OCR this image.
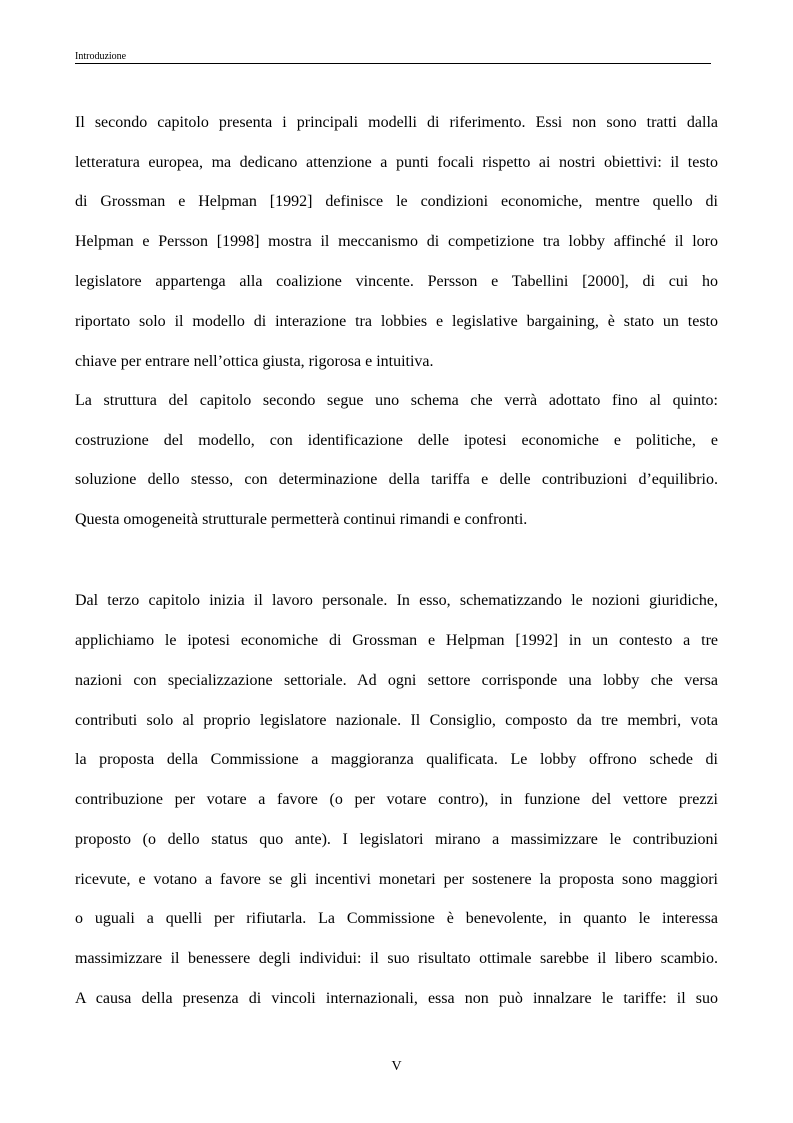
Introduzione
Il secondo capitolo presenta i principali modelli di riferimento. Essi non sono tratti dalla
letteratura europea, ma dedicano attenzione a punti focali rispetto ai nostri obiettivi: il testo
di Grossman e Helpman [1992] definisce le condizioni economiche, mentre quello di
Helpman e Persson [1998] mostra il meccanismo di competizione tra lobby affinché il loro
legislatore appartenga alla coalizione vincente. Persson e Tabellini [2000], di cui ho
riportato solo il modello di interazione tra lobbies e legislative bargaining, è stato un testo
chiave per entrare nell’ottica giusta, rigorosa e intuitiva.
La struttura del capitolo secondo segue uno schema che verrà adottato fino al quinto:
costruzione del modello, con identificazione delle ipotesi economiche e politiche, e
soluzione dello stesso, con determinazione della tariffa e delle contribuzioni d’equilibrio.
Questa omogeneità strutturale permetterà continui rimandi e confronti.
Dal terzo capitolo inizia il lavoro personale. In esso, schematizzando le nozioni giuridiche,
applichiamo le ipotesi economiche di Grossman e Helpman [1992] in un contesto a tre
nazioni con specializzazione settoriale. Ad ogni settore corrisponde una lobby che versa
contributi solo al proprio legislatore nazionale. Il Consiglio, composto da tre membri, vota
la proposta della Commissione a maggioranza qualificata. Le lobby offrono schede di
contribuzione per votare a favore (o per votare contro), in funzione del vettore prezzi
proposto (o dello status quo ante). I legislatori mirano a massimizzare le contribuzioni
ricevute, e votano a favore se gli incentivi monetari per sostenere la proposta sono maggiori
o uguali a quelli per rifiutarla. La Commissione è benevolente, in quanto le interessa
massimizzare il benessere degli individui: il suo risultato ottimale sarebbe il libero scambio.
A causa della presenza di vincoli internazionali, essa non può innalzare le tariffe: il suo
V
